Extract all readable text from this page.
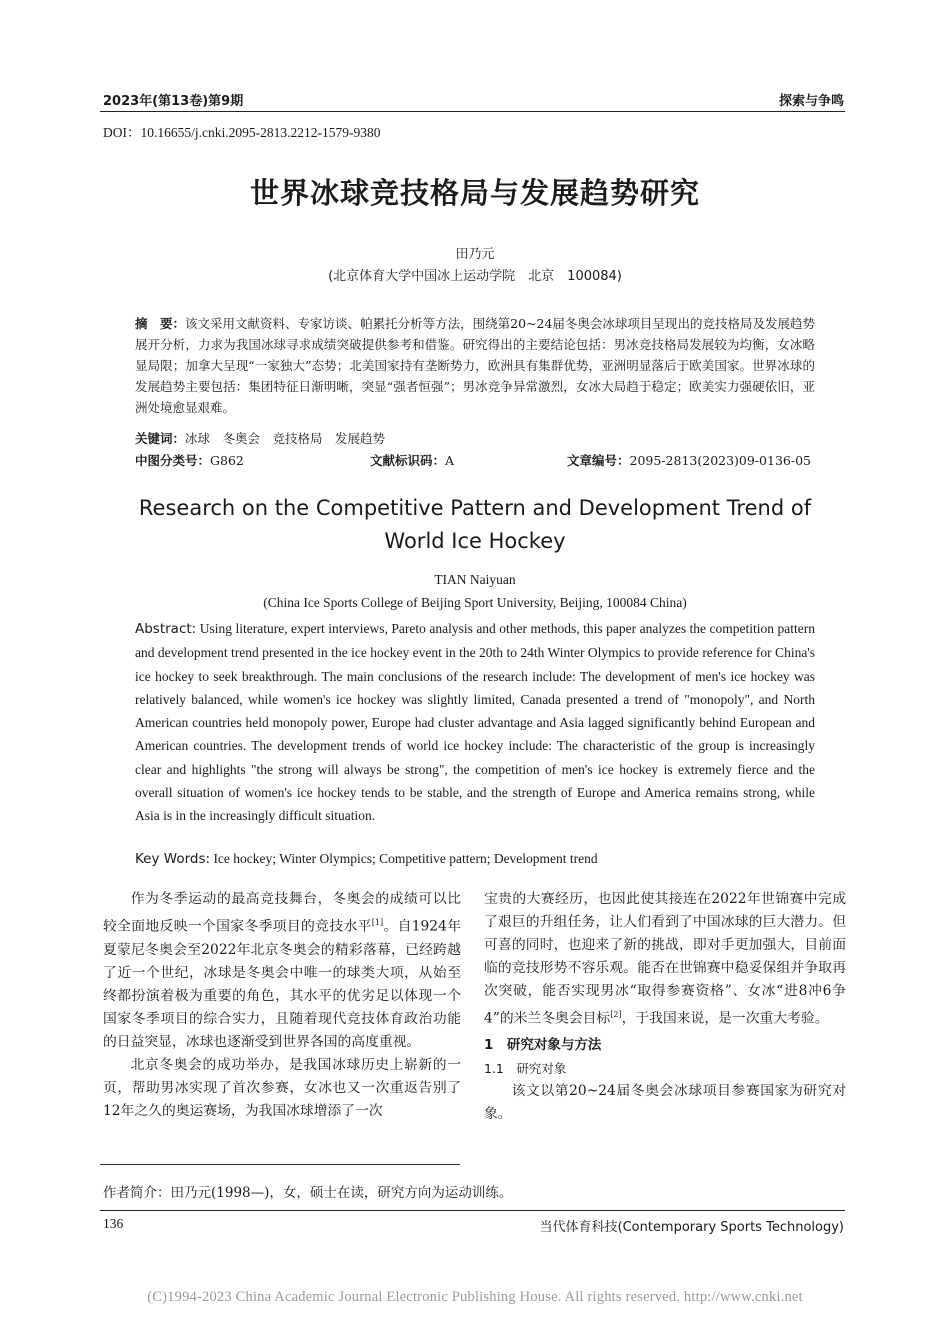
2023年(第13卷)第9期	探索与争鸣
DOI：10.16655/j.cnki.2095-2813.2212-1579-9380
世界冰球竞技格局与发展趋势研究
田乃元
(北京体育大学中国冰上运动学院　北京　100084)
摘　要：该文采用文献资料、专家访谈、帕累托分析等方法，围绕第20~24届冬奥会冰球项目呈现出的竞技格局及发展趋势展开分析，力求为我国冰球寻求成绩突破提供参考和借鉴。研究得出的主要结论包括：男冰竞技格局发展较为均衡，女冰略显局限；加拿大呈现“一家独大”态势；北美国家持有垄断势力，欧洲具有集群优势，亚洲明显落后于欧美国家。世界冰球的发展趋势主要包括：集团特征日渐明晰，突显“强者恒强”；男冰竞争异常激烈，女冰大局趋于稳定；欧美实力强硬依旧，亚洲处境愈显艰难。
关键词：冰球　冬奥会　竞技格局　发展趋势
中图分类号：G862	文献标识码：A	文章编号：2095-2813(2023)09-0136-05
Research on the Competitive Pattern and Development Trend of
World Ice Hockey
TIAN Naiyuan
(China Ice Sports College of Beijing Sport University, Beijing, 100084 China)
Abstract: Using literature, expert interviews, Pareto analysis and other methods, this paper analyzes the competition pattern and development trend presented in the ice hockey event in the 20th to 24th Winter Olympics to provide reference for China's ice hockey to seek breakthrough. The main conclusions of the research include: The development of men's ice hockey was relatively balanced, while women's ice hockey was slightly limited, Canada presented a trend of "monopoly", and North American countries held monopoly power, Europe had cluster advantage and Asia lagged significantly behind European and American countries. The development trends of world ice hockey include: The characteristic of the group is increasingly clear and highlights "the strong will always be strong", the competition of men's ice hockey is extremely fierce and the overall situation of women's ice hockey tends to be stable, and the strength of Europe and America remains strong, while Asia is in the increasingly difficult situation.
Key Words: Ice hockey; Winter Olympics; Competitive pattern; Development trend

作为冬季运动的最高竞技舞台，冬奥会的成绩可以比较全面地反映一个国家冬季项目的竞技水平[1]。自1924年夏蒙尼冬奥会至2022年北京冬奥会的精彩落幕，已经跨越了近一个世纪，冰球是冬奥会中唯一的球类大项，从始至终都扮演着极为重要的角色，其水平的优劣足以体现一个国家冬季项目的综合实力，且随着现代竞技体育政治功能的日益突显，冰球也逐渐受到世界各国的高度重视。

北京冬奥会的成功举办，是我国冰球历史上崭新的一页，帮助男冰实现了首次参赛，女冰也又一次重返告别了12年之久的奥运赛场，为我国冰球增添了一次

宝贵的大赛经历，也因此使其接连在2022年世锦赛中完成了艰巨的升组任务，让人们看到了中国冰球的巨大潜力。但可喜的同时，也迎来了新的挑战，即对手更加强大，目前面临的竞技形势不容乐观。能否在世锦赛中稳妥保组并争取再次突破，能否实现男冰“取得参赛资格”、女冰“进8冲6争4”的米兰冬奥会目标[2]，于我国来说，是一次重大考验。

1　研究对象与方法

1.1　研究对象

该文以第20~24届冬奥会冰球项目参赛国家为研究对象。

作者简介：田乃元(1998—)，女，硕士在读，研究方向为运动训练。
136	当代体育科技(Contemporary Sports Technology)
(C)1994-2023 China Academic Journal Electronic Publishing House. All rights reserved. http://www.cnki.net
